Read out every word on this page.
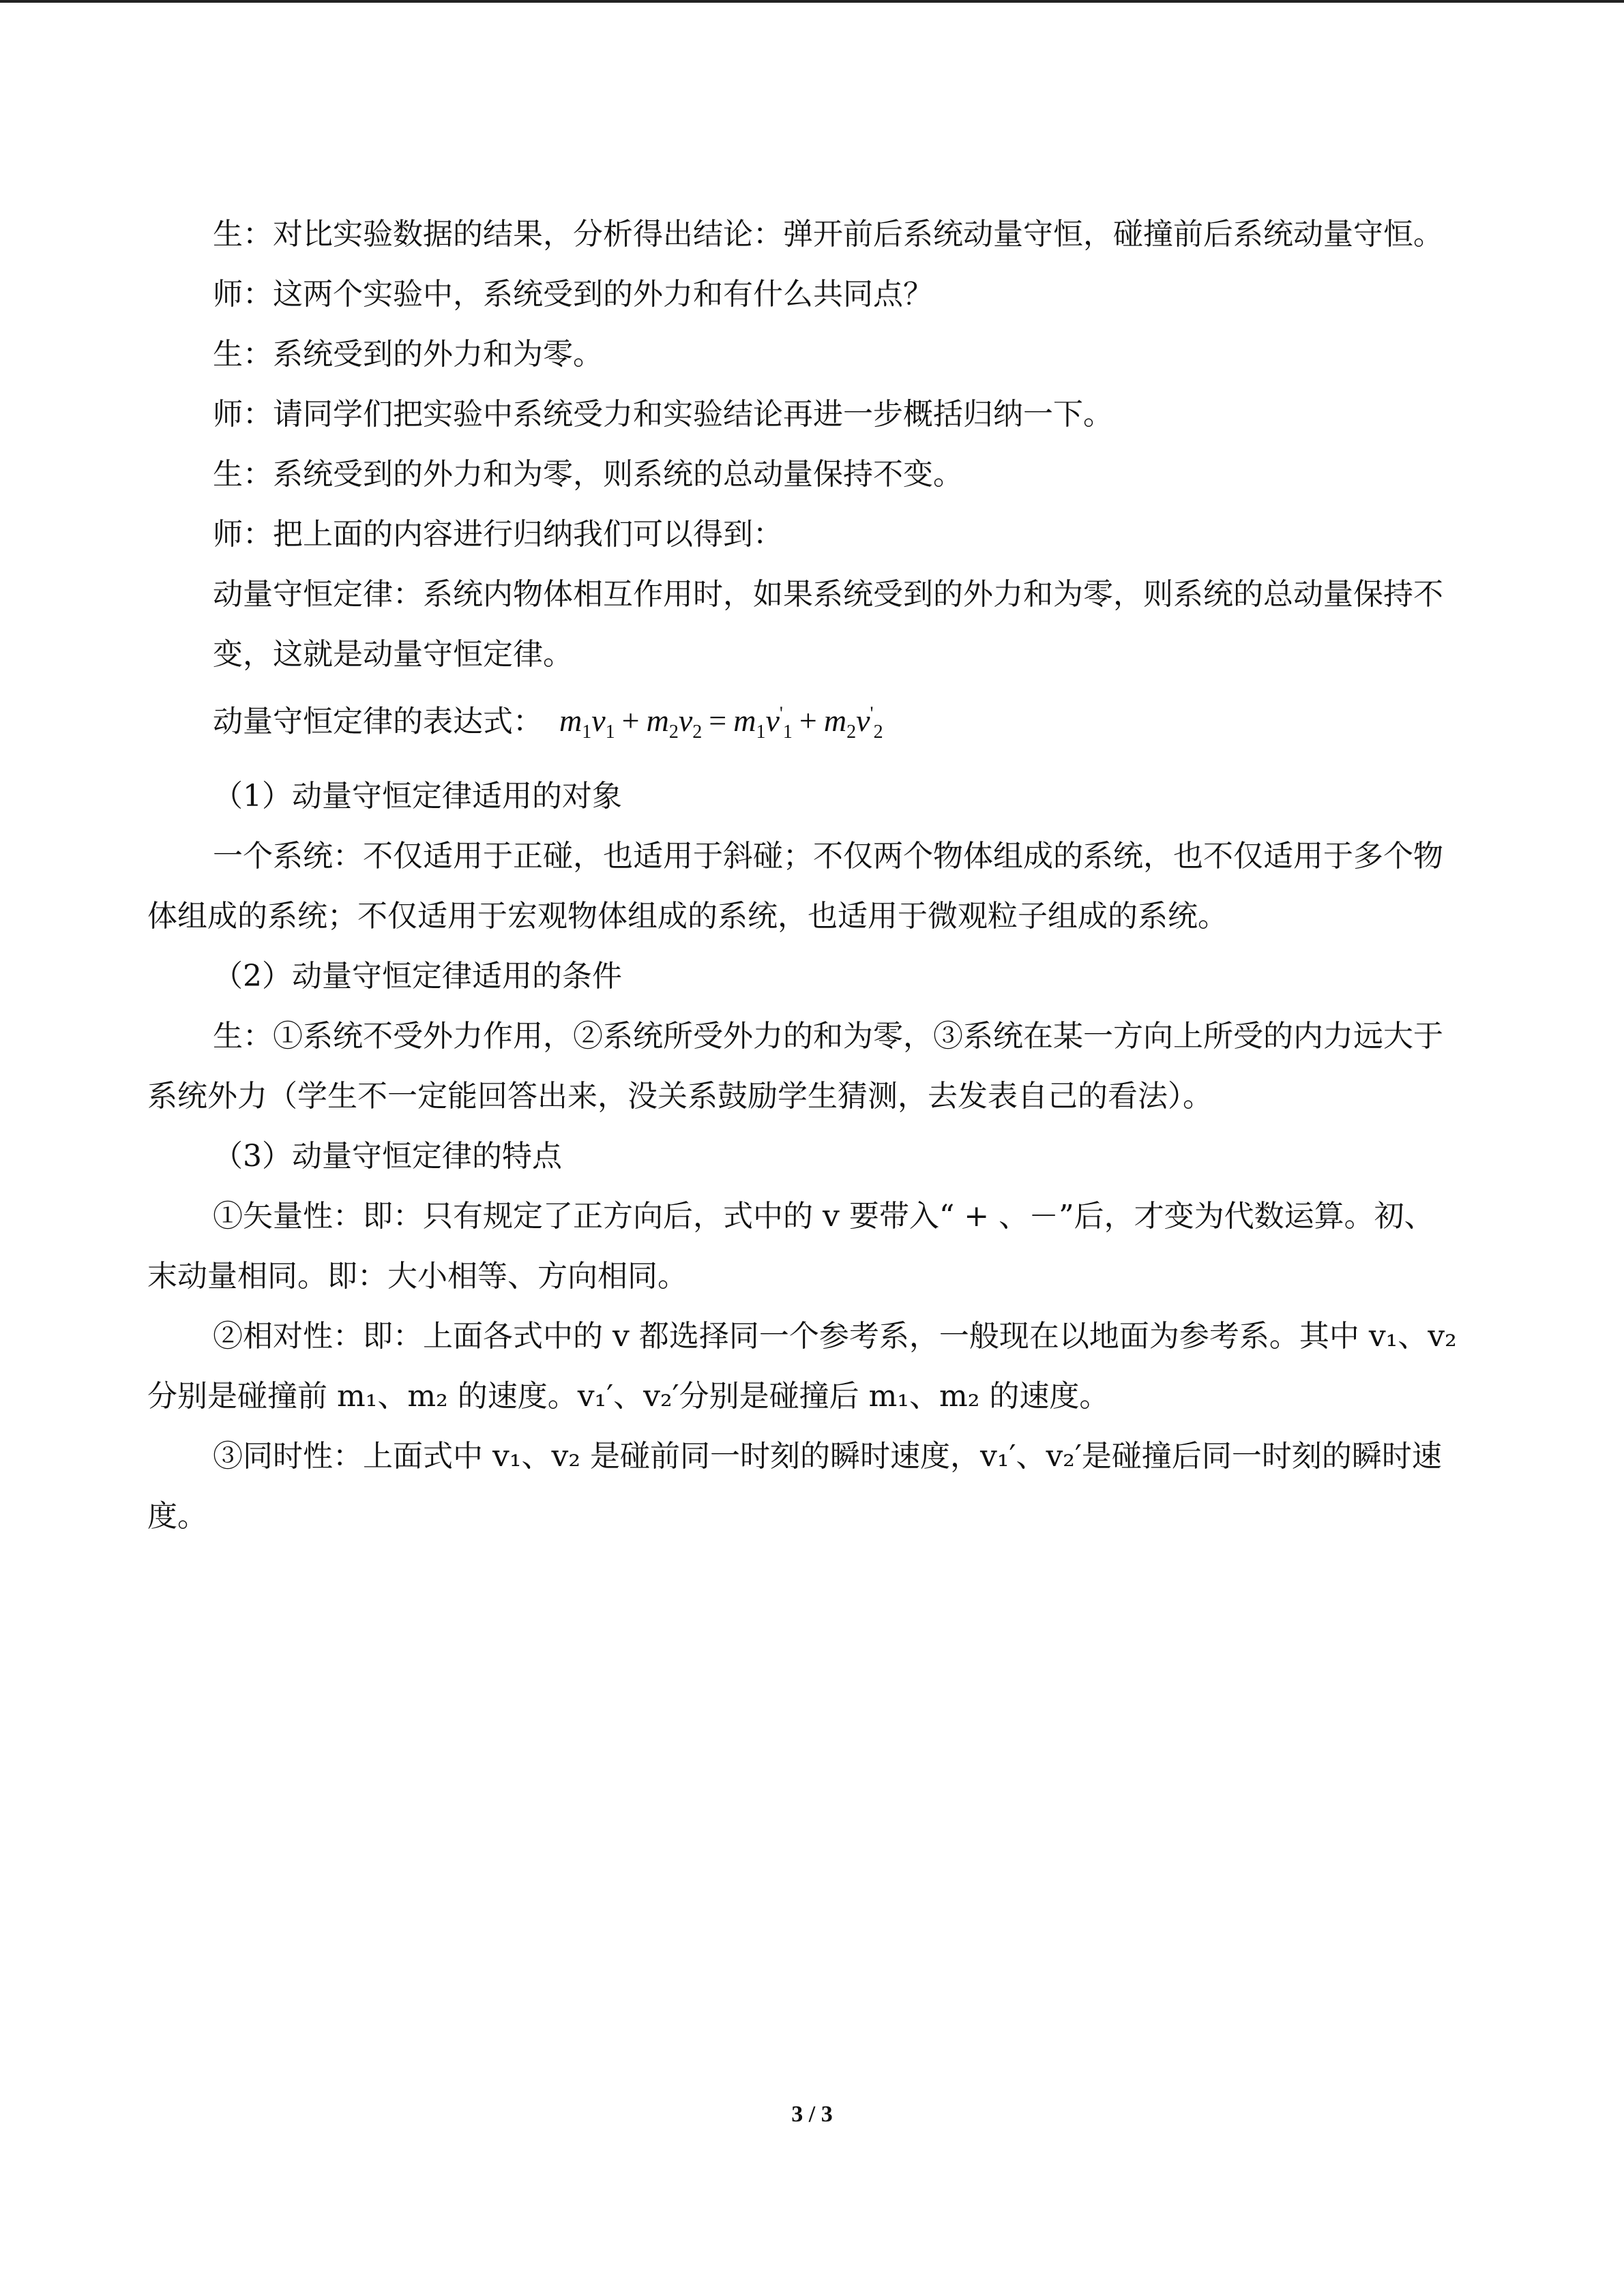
生：对比实验数据的结果，分析得出结论：弹开前后系统动量守恒，碰撞前后系统动量守恒。

师：这两个实验中，系统受到的外力和有什么共同点？

生：系统受到的外力和为零。

师：请同学们把实验中系统受力和实验结论再进一步概括归纳一下。

生：系统受到的外力和为零，则系统的总动量保持不变。

师：把上面的内容进行归纳我们可以得到：

动量守恒定律：系统内物体相互作用时，如果系统受到的外力和为零，则系统的总动量保持不变，这就是动量守恒定律。

动量守恒定律的表达式： $m_1v_1 + m_2v_2 = m_1v'_1 + m_2v'_2$

（1）动量守恒定律适用的对象

一个系统：不仅适用于正碰，也适用于斜碰；不仅两个物体组成的系统，也不仅适用于多个物体组成的系统；不仅适用于宏观物体组成的系统，也适用于微观粒子组成的系统。

（2）动量守恒定律适用的条件

生：①系统不受外力作用，②系统所受外力的和为零，③系统在某一方向上所受的内力远大于系统外力（学生不一定能回答出来，没关系鼓励学生猜测，去发表自己的看法）。

（3）动量守恒定律的特点

①矢量性：即：只有规定了正方向后，式中的 v 要带入“ + 、－”后，才变为代数运算。初、末动量相同。即：大小相等、方向相同。

②相对性：即：上面各式中的 v 都选择同一个参考系，一般现在以地面为参考系。其中 v₁、v₂ 分别是碰撞前 m₁、m₂ 的速度。v₁′、v₂′分别是碰撞后 m₁、m₂ 的速度。

③同时性：上面式中 v₁、v₂ 是碰前同一时刻的瞬时速度，v₁′、v₂′是碰撞后同一时刻的瞬时速度。

3 / 3
